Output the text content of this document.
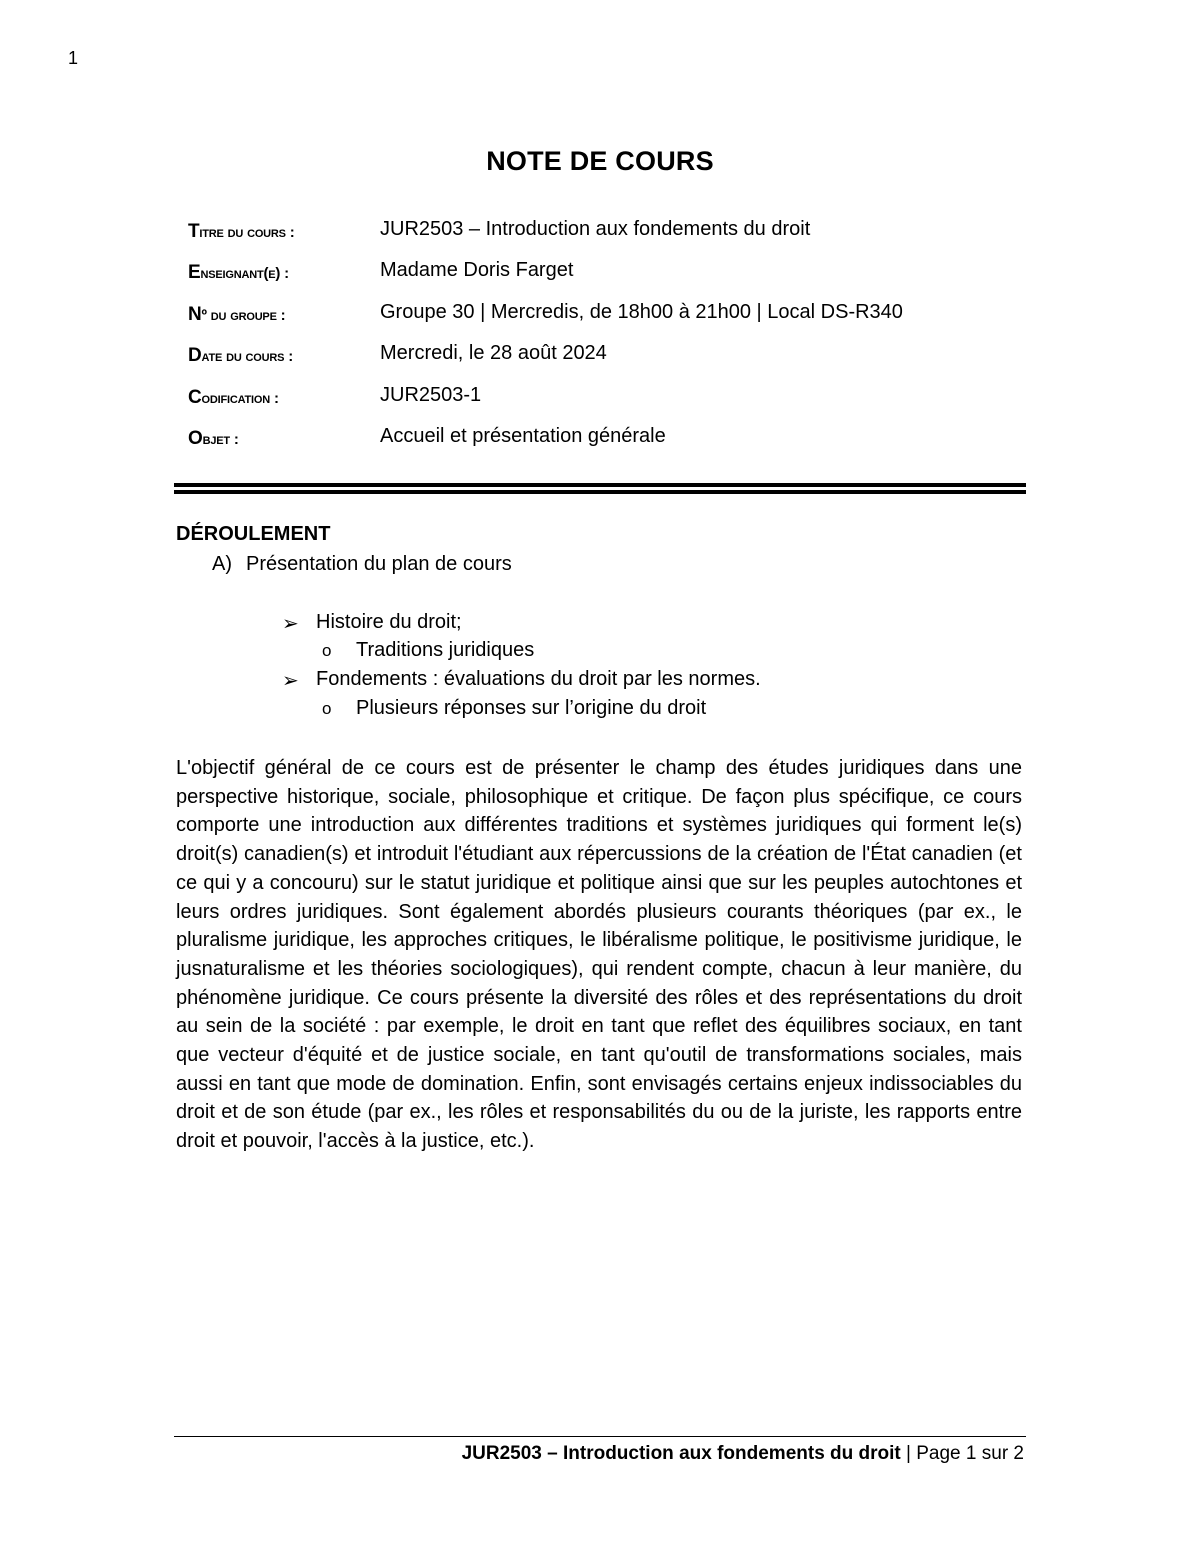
1
NOTE DE COURS
Titre du cours :	JUR2503 – Introduction aux fondements du droit
Enseignant(e) :	Madame Doris Farget
Nº du groupe :	Groupe 30 | Mercredis, de 18h00 à 21h00 | Local DS-R340
Date du cours :	Mercredi, le 28 août 2024
Codification :	JUR2503-1
Objet :	Accueil et présentation générale
DÉROULEMENT
A) Présentation du plan de cours
➢ Histoire du droit;
o Traditions juridiques
➢ Fondements : évaluations du droit par les normes.
o Plusieurs réponses sur l’origine du droit

L'objectif général de ce cours est de présenter le champ des études juridiques dans une perspective historique, sociale, philosophique et critique. De façon plus spécifique, ce cours comporte une introduction aux différentes traditions et systèmes juridiques qui forment le(s) droit(s) canadien(s) et introduit l'étudiant aux répercussions de la création de l'État canadien (et ce qui y a concouru) sur le statut juridique et politique ainsi que sur les peuples autochtones et leurs ordres juridiques. Sont également abordés plusieurs courants théoriques (par ex., le pluralisme juridique, les approches critiques, le libéralisme politique, le positivisme juridique, le jusnaturalisme et les théories sociologiques), qui rendent compte, chacun à leur manière, du phénomène juridique. Ce cours présente la diversité des rôles et des représentations du droit au sein de la société : par exemple, le droit en tant que reflet des équilibres sociaux, en tant que vecteur d'équité et de justice sociale, en tant qu'outil de transformations sociales, mais aussi en tant que mode de domination. Enfin, sont envisagés certains enjeux indissociables du droit et de son étude (par ex., les rôles et responsabilités du ou de la juriste, les rapports entre droit et pouvoir, l'accès à la justice, etc.).

JUR2503 – Introduction aux fondements du droit | Page 1 sur 2
